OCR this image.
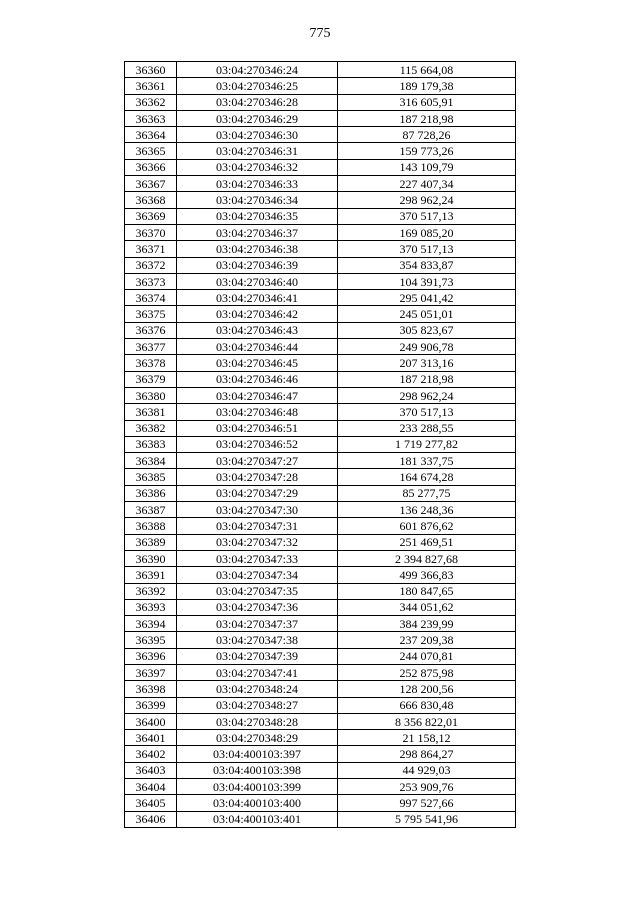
775
36360	03:04:270346:24	115 664,08
36361	03:04:270346:25	189 179,38
36362	03:04:270346:28	316 605,91
36363	03:04:270346:29	187 218,98
36364	03:04:270346:30	87 728,26
36365	03:04:270346:31	159 773,26
36366	03:04:270346:32	143 109,79
36367	03:04:270346:33	227 407,34
36368	03:04:270346:34	298 962,24
36369	03:04:270346:35	370 517,13
36370	03:04:270346:37	169 085,20
36371	03:04:270346:38	370 517,13
36372	03:04:270346:39	354 833,87
36373	03:04:270346:40	104 391,73
36374	03:04:270346:41	295 041,42
36375	03:04:270346:42	245 051,01
36376	03:04:270346:43	305 823,67
36377	03:04:270346:44	249 906,78
36378	03:04:270346:45	207 313,16
36379	03:04:270346:46	187 218,98
36380	03:04:270346:47	298 962,24
36381	03:04:270346:48	370 517,13
36382	03:04:270346:51	233 288,55
36383	03:04:270346:52	1 719 277,82
36384	03:04:270347:27	181 337,75
36385	03:04:270347:28	164 674,28
36386	03:04:270347:29	85 277,75
36387	03:04:270347:30	136 248,36
36388	03:04:270347:31	601 876,62
36389	03:04:270347:32	251 469,51
36390	03:04:270347:33	2 394 827,68
36391	03:04:270347:34	499 366,83
36392	03:04:270347:35	180 847,65
36393	03:04:270347:36	344 051,62
36394	03:04:270347:37	384 239,99
36395	03:04:270347:38	237 209,38
36396	03:04:270347:39	244 070,81
36397	03:04:270347:41	252 875,98
36398	03:04:270348:24	128 200,56
36399	03:04:270348:27	666 830,48
36400	03:04:270348:28	8 356 822,01
36401	03:04:270348:29	21 158,12
36402	03:04:400103:397	298 864,27
36403	03:04:400103:398	44 929,03
36404	03:04:400103:399	253 909,76
36405	03:04:400103:400	997 527,66
36406	03:04:400103:401	5 795 541,96
